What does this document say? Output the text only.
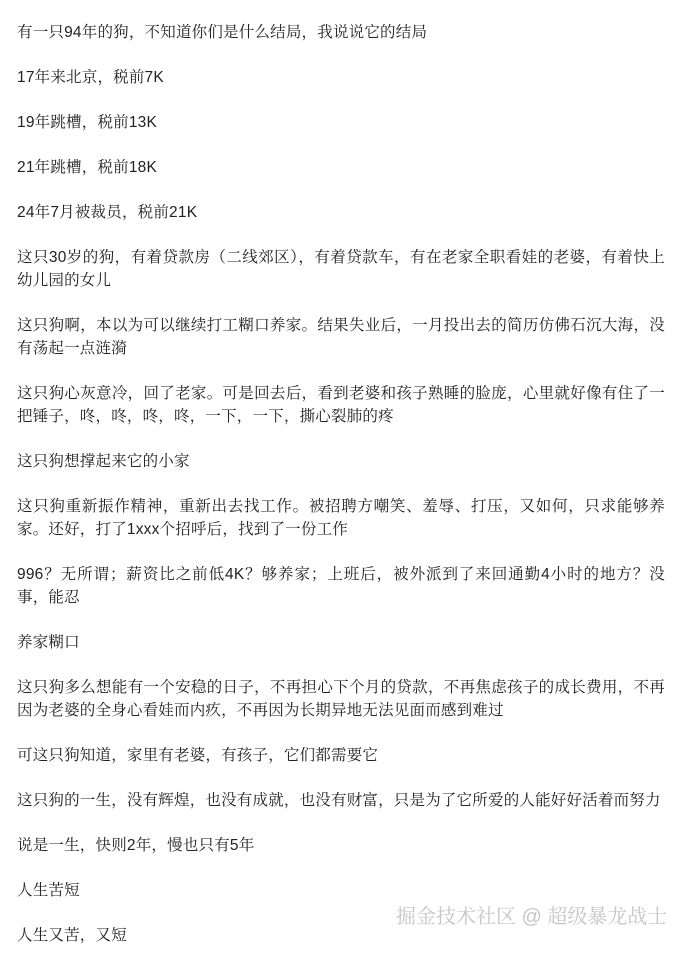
有一只94年的狗，不知道你们是什么结局，我说说它的结局

17年来北京，税前7K

19年跳槽，税前13K

21年跳槽，税前18K

24年7月被裁员，税前21K

这只30岁的狗，有着贷款房（二线郊区），有着贷款车，有在老家全职看娃的老婆，有着快上幼儿园的女儿

这只狗啊，本以为可以继续打工糊口养家。结果失业后，一月投出去的简历仿佛石沉大海，没有荡起一点涟漪

这只狗心灰意冷，回了老家。可是回去后，看到老婆和孩子熟睡的脸庞，心里就好像有住了一把锤子，咚，咚，咚，咚，一下，一下，撕心裂肺的疼

这只狗想撑起来它的小家

这只狗重新振作精神，重新出去找工作。被招聘方嘲笑、羞辱、打压，又如何，只求能够养家。还好，打了1xxx个招呼后，找到了一份工作

996？无所谓；薪资比之前低4K？够养家；上班后，被外派到了来回通勤4小时的地方？没事，能忍

养家糊口

这只狗多么想能有一个安稳的日子，不再担心下个月的贷款，不再焦虑孩子的成长费用，不再因为老婆的全身心看娃而内疚，不再因为长期异地无法见面而感到难过

可这只狗知道，家里有老婆，有孩子，它们都需要它

这只狗的一生，没有辉煌，也没有成就，也没有财富，只是为了它所爱的人能好好活着而努力

说是一生，快则2年，慢也只有5年

人生苦短

人生又苦，又短

掘金技术社区 @ 超级暴龙战士
